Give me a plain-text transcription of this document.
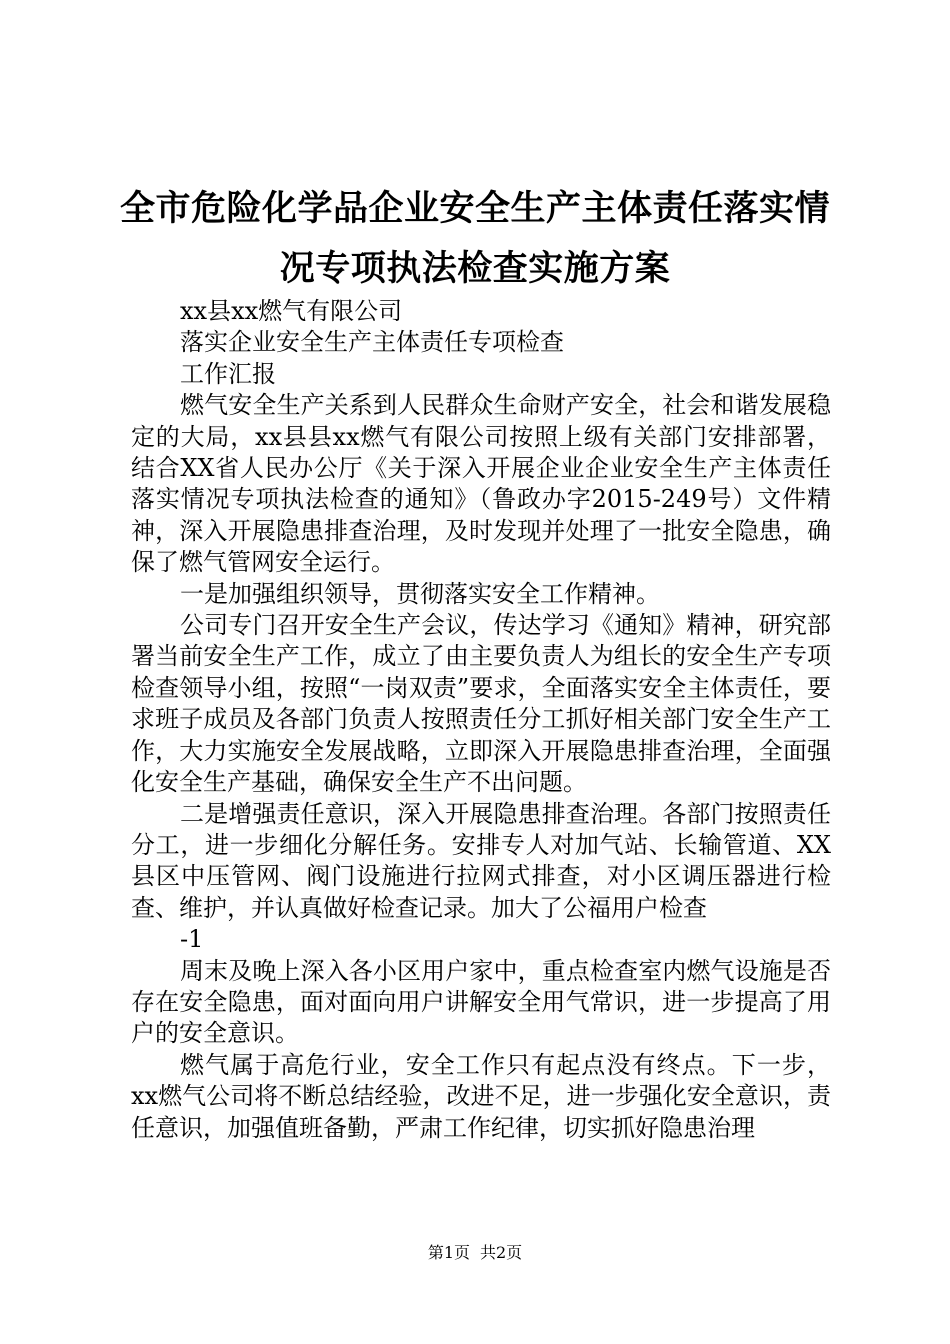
全市危险化学品企业安全生产主体责任落实情
况专项执法检查实施方案

xx县xx燃气有限公司

落实企业安全生产主体责任专项检查

工作汇报

燃气安全生产关系到人民群众生命财产安全，社会和谐发展稳定的大局，xx县县xx燃气有限公司按照上级有关部门安排部署，结合XX省人民办公厅《关于深入开展企业企业安全生产主体责任落实情况专项执法检查的通知》（鲁政办字2015-249号）文件精神，深入开展隐患排查治理，及时发现并处理了一批安全隐患，确保了燃气管网安全运行。

一是加强组织领导，贯彻落实安全工作精神。

公司专门召开安全生产会议，传达学习《通知》精神，研究部署当前安全生产工作，成立了由主要负责人为组长的安全生产专项检查领导小组，按照“一岗双责”要求，全面落实安全主体责任，要求班子成员及各部门负责人按照责任分工抓好相关部门安全生产工作，大力实施安全发展战略，立即深入开展隐患排查治理，全面强化安全生产基础，确保安全生产不出问题。

二是增强责任意识，深入开展隐患排查治理。各部门按照责任分工，进一步细化分解任务。安排专人对加气站、长输管道、XX县区中压管网、阀门设施进行拉网式排查，对小区调压器进行检查、维护，并认真做好检查记录。加大了公福用户检查

-1

周末及晚上深入各小区用户家中，重点检查室内燃气设施是否存在安全隐患，面对面向用户讲解安全用气常识，进一步提高了用户的安全意识。

燃气属于高危行业，安全工作只有起点没有终点。下一步，xx燃气公司将不断总结经验，改进不足，进一步强化安全意识，责任意识，加强值班备勤，严肃工作纪律，切实抓好隐患治理

第1页 共2页
